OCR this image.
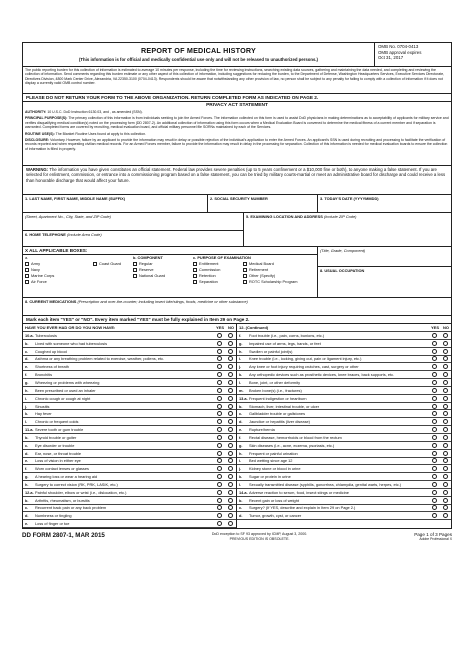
REPORT OF MEDICAL HISTORY
(This information is for official and medically confidential use only and will not be released to unauthorized persons.)
OMB No. 0704-0413
OMB approval expires
Oct 31, 2017
The public reporting burden for this collection of information is estimated to average 10 minutes per response, including the time for reviewing instructions, searching existing data sources, gathering and maintaining the data needed, and completing and reviewing the collection of information. Send comments regarding this burden estimate or any other aspect of this collection of information, including suggestions for reducing the burden, to the Department of Defense, Washington Headquarters Services, Executive Services Directorate, Directives Division, 4800 Mark Center Drive, Alexandria, VA 22350-3100 (0704-0413). Respondents should be aware that notwithstanding any other provision of law, no person shall be subject to any penalty for failing to comply with a collection of information if it does not display a currently valid OMB control number.
PLEASE DO NOT RETURN YOUR FORM TO THE ABOVE ORGANIZATION. RETURN COMPLETED FORM AS INDICATED ON PAGE 2.
PRIVACY ACT STATEMENT
AUTHORITY: 10 U.S.C. DoD Instruction 6130.03, and , as amended (SSN).
PRINCIPAL PURPOSE(S): The primary collection of this information is from individuals seeking to join the Armed Forces. The information collected on this form is used to assist DoD physicians in making determinations as to acceptability of applicants for military service and verifies disqualifying medical condition(s) noted on the processing form (DD 2807-2). An additional collection of information using this form occurs when a Medical Evaluation Board is convened to determine the medical fitness of a current member and if separation is warranted. Completed forms are covered by recruiting, medical evaluation board, and official military personnel file SORNs maintained by each of the Services.
ROUTINE USE(S): The Blanket Routine Uses found at apply to this collection.
DISCLOSURE: Voluntary. However, failure by an applicant to provide the information may result in delay or possible rejection of the individual's application to enter the Armed Forces. An applicant's SSN is used during recruiting and processing to facilitate the verification of records reported and when requesting civilian medical records. For an Armed Forces member, failure to provide the information may result in delay in the processing for separation. Collection of this information is needed for medical evaluation boards to ensure the collection of information is filled in properly.
WARNING: The information you have given constitutes an official statement. Federal law provides severe penalties (up to 5 years confinement or a $10,000 fine or both), to anyone making a false statement. If you are selected for enlistment, commission, or entrance into a commissioning program based on a false statement, you can be tried by military courts-martial or meet an administrative board for discharge and could receive a less than honorable discharge that would affect your future.
1. LAST NAME, FIRST NAME, MIDDLE NAME (SUFFIX)	2. SOCIAL SECURITY NUMBER	3. TODAY'S DATE (YYYYMMDD)
(Street, Apartment No., City, State, and ZIP Code)
6. HOME TELEPHONE (Include Area Code)
5. EXAMINING LOCATION AND ADDRESS (Include ZIP Code)
X ALL APPLICABLE BOXES:
a.
Army
Navy
Marine Corps
Air Force
Coast Guard
b. COMPONENT
Regular
Reserve
National Guard
c. PURPOSE OF EXAMINATION
Entitlement
Commission
Retention
Separation
Medical Board
Retirement
Other (Specify)
ROTC Scholarship Program
(Title, Grade, Component)
8. USUAL OCCUPATION
8. CURRENT MEDICATIONS (Prescription and over-the-counter; including insect bite/stings, foods, medicine or other substance)
Mark each item "YES" or "NO". Every item marked "YES" must be fully explained in Item 29 on Page 2.
HAVE YOU EVER HAD OR DO YOU NOW HAVE:	YES NO
10.a. Tuberculosis
b.	Lived with someone who had tuberculosis
c.	Coughed up blood
d.	Asthma or any breathing problem related to exercise, weather, pollens, etc.
e.	Shortness of breath
f.	Bronchitis
g.	Wheezing or problems with wheezing
h.	Been prescribed or used an inhaler
i.	Chronic cough or cough at night
j.	Sinusitis
k.	Hay fever
l.	Chronic or frequent colds
11.a. Severe tooth or gum trouble
b.	Thyroid trouble or goiter
c.	Eye disorder or trouble
d.	Ear, nose, or throat trouble
e.	Loss of vision in either eye
f.	Worn contact lenses or glasses
g.	A hearing loss or wear a hearing aid
h.	Surgery to correct vision (RK, PRK, LASIK, etc.)
12.a. Painful shoulder, elbow or wrist (i.e., dislocation, etc.)
b.	Arthritis, rheumatism, or bursitis
c.	Recurrent back pain or any back problem
d.	Numbness or tingling
e.	Loss of finger or toe
12. (Continued)	YES NO
f.	Foot trouble (i.e., pain, corns, bunions, etc.)
g.	Impaired use of arms, legs, hands, or feet
h.	Swollen or painful joint(s)
i.	Knee trouble (i.e., locking, giving out, pain or ligament injury, etc.)
j.	Any knee or foot injury requiring crutches, cast, surgery or other
k.	Any orthopedic devices such as prosthetic devices, knee braces, back supports, etc.
l.	Bone, joint, or other deformity
m.	Broken bone(s) (i.e., fractures)
13.a. Frequent indigestion or heartburn
b.	Stomach, liver, intestinal trouble, or ulcer
c.	Gallbladder trouble or gallstones
d.	Jaundice or hepatitis (liver disease)
e.	Rupture/hernia
f.	Rectal disease, hemorrhoids or blood from the rectum
g.	Skin diseases (i.e., acne, eczema, psoriasis, etc.)
h.	Frequent or painful urination
i.	Bed wetting since age 12
j.	Kidney stone or blood in urine
k.	Sugar or protein in urine
l.	Sexually transmitted disease (syphilis, gonorrhea, chlamydia, genital warts, herpes, etc.)
14.a. Adverse reaction to serum, food, insect stings or medicine
b.	Recent gain or loss of weight
c.	Surgery? (If YES, describe and explain in Item 29 on Page 2.)
d.	Tumor, growth, cyst, or cancer
DD FORM 2807-1, MAR 2015	DoD exception to SF 93 approved by ICMP, August 3, 2000.
PREVIOUS EDITION IS OBSOLETE.
Page 1 of 3 Pages
Adobe Professional X
